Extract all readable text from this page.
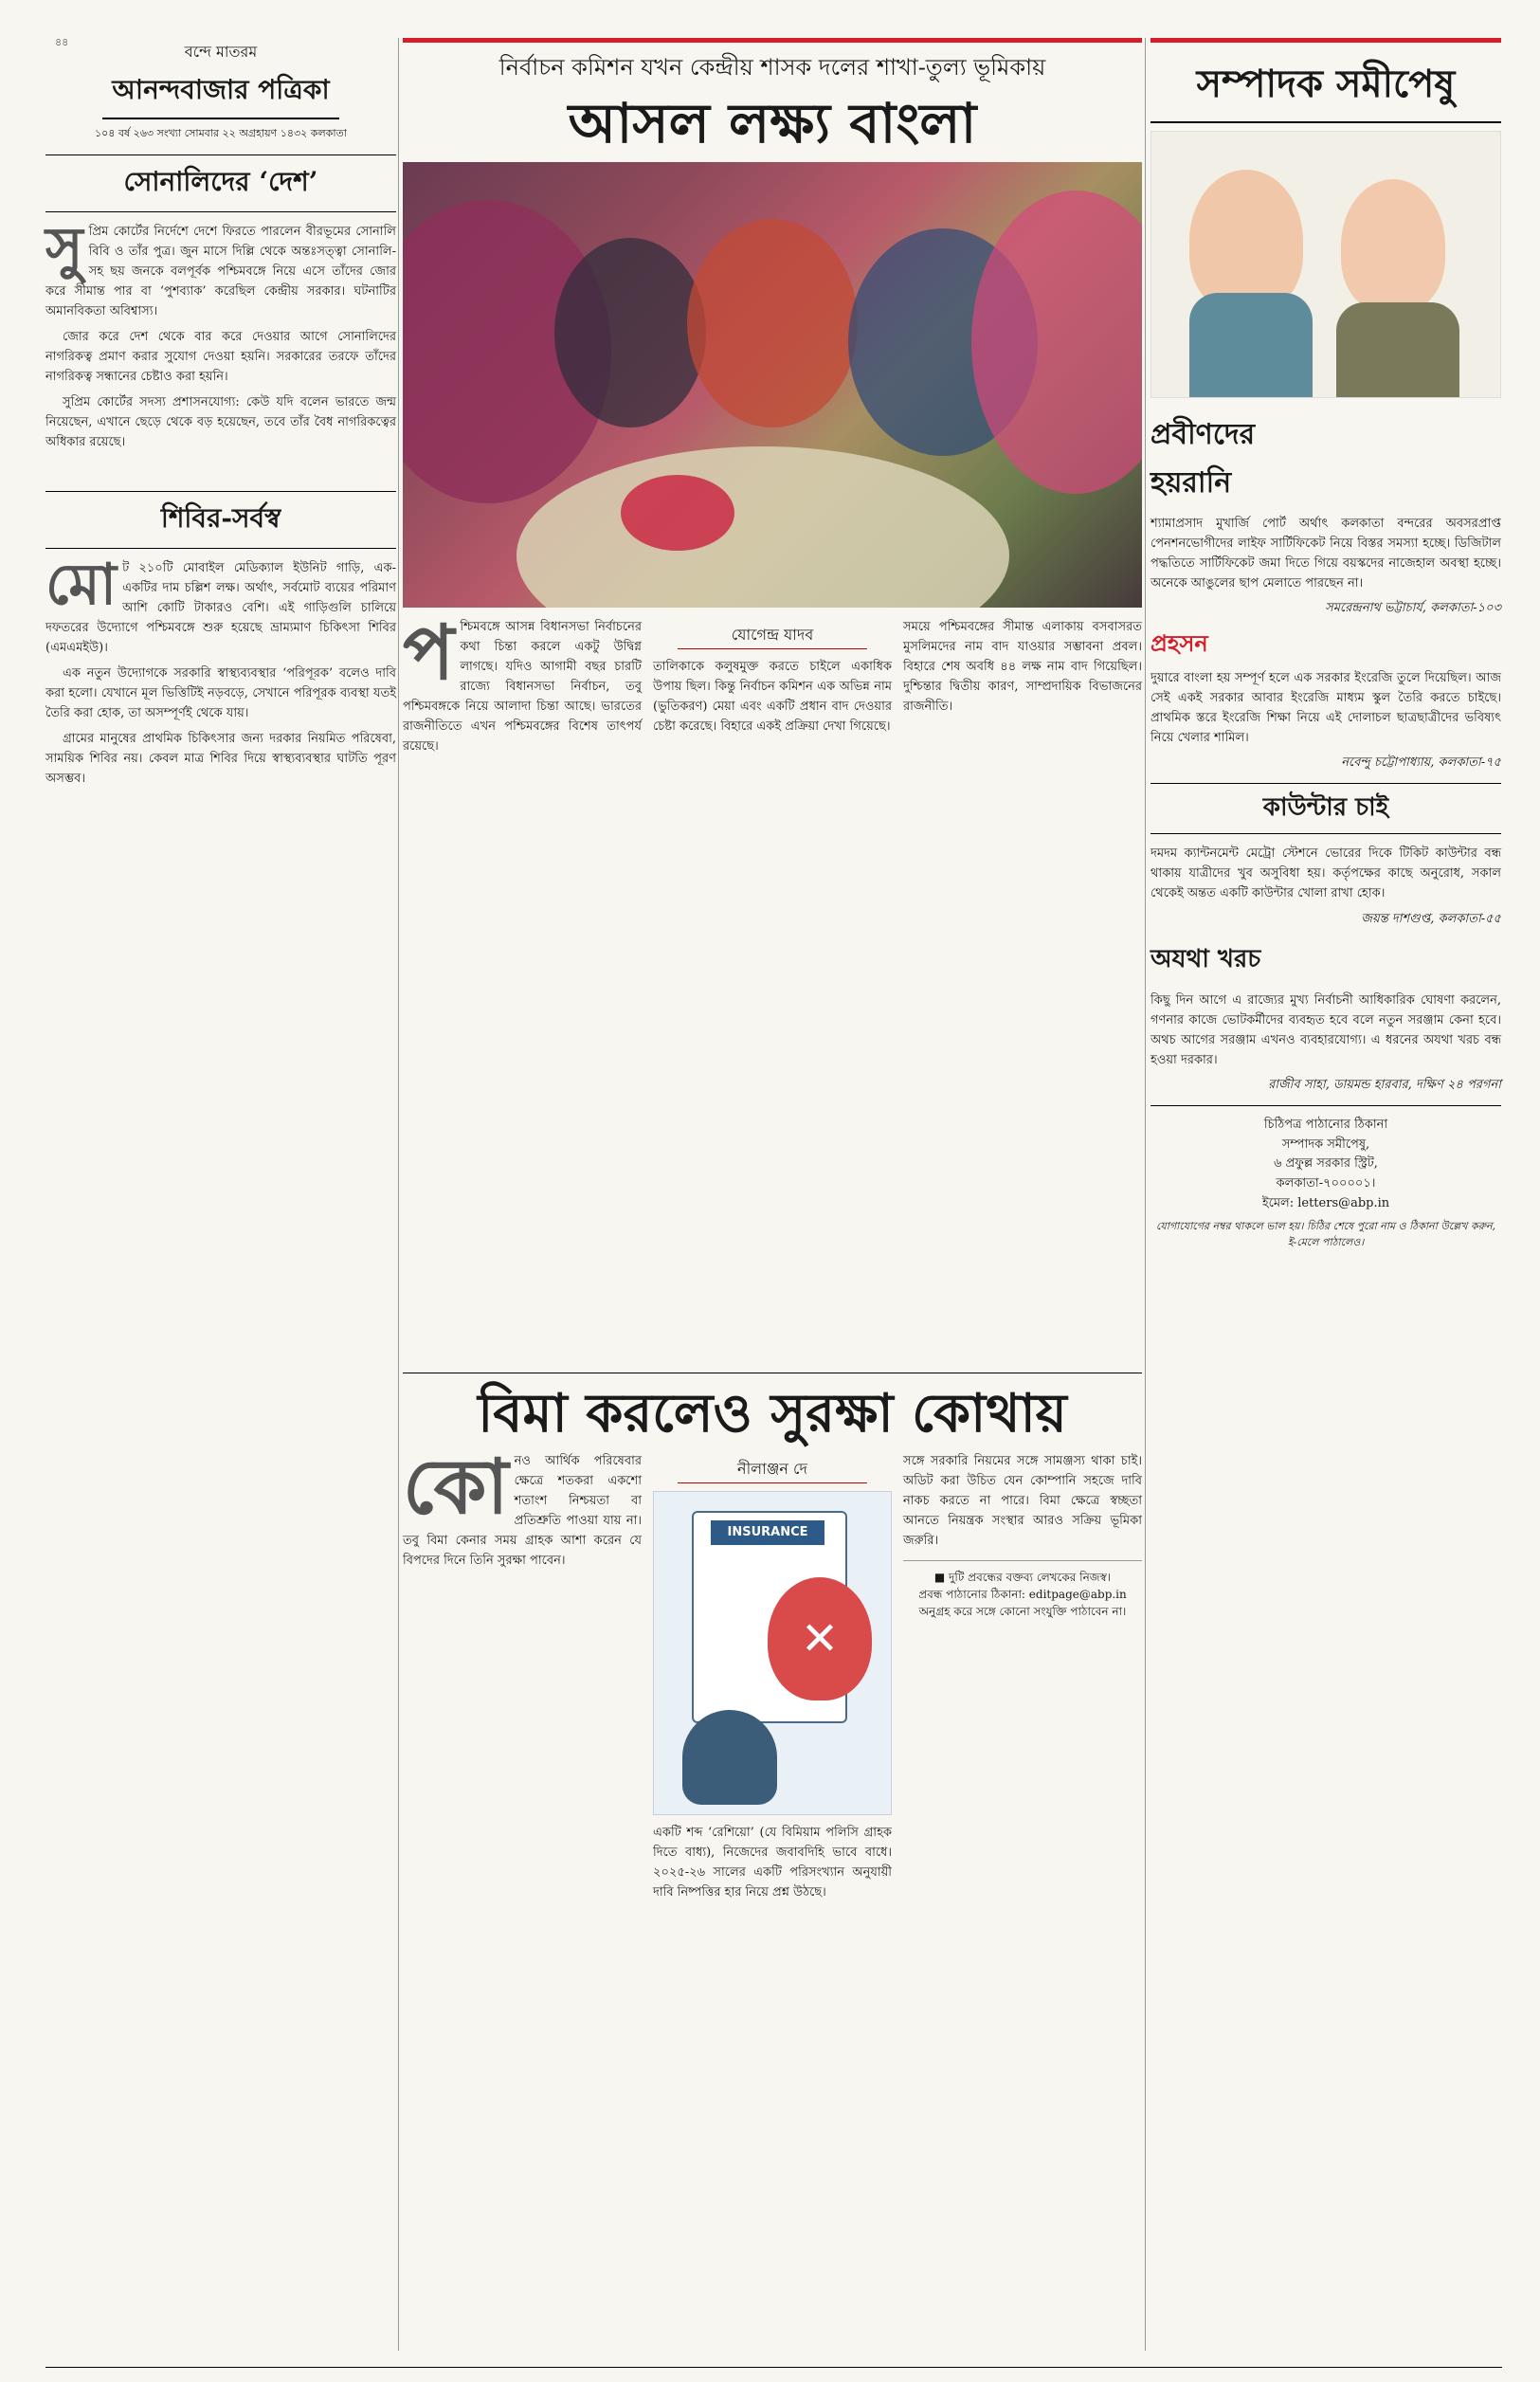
৪৪
বন্দে মাতরম
আনন্দবাজার পত্রিকা
১০৪ বর্ষ ২৬৩ সংখ্যা সোমবার ২২ অগ্রহায়ণ ১৪৩২ কলকাতা
সোনালিদের ‘দেশ’

সুপ্রিম কোর্টের নির্দেশে দেশে ফিরতে পারলেন বীরভূমের সোনালি বিবি ও তাঁর পুত্র। জুন মাসে দিল্লি থেকে অন্তঃসত্ত্বা সোনালি-সহ ছয় জনকে বলপূর্বক পশ্চিমবঙ্গে নিয়ে এসে তাঁদের জোর করে সীমান্ত পার বা ‘পুশব্যাক’ করেছিল কেন্দ্রীয় সরকার। ঘটনাটির অমানবিকতা অবিশ্বাস্য।

জোর করে দেশ থেকে বার করে দেওয়ার আগে সোনালিদের নাগরিকত্ব প্রমাণ করার সুযোগ দেওয়া হয়নি। সরকারের তরফে তাঁদের নাগরিকত্ব সন্ধানের চেষ্টাও করা হয়নি।

সুপ্রিম কোর্টের সদস্য প্রশাসনযোগ্য: কেউ যদি বলেন ভারতে জন্ম নিয়েছেন, এখানে ছেড়ে থেকে বড় হয়েছেন, তবে তাঁর বৈধ নাগরিকত্বের অধিকার রয়েছে।

শিবির-সর্বস্ব

মোট ২১০টি মোবাইল মেডিক্যাল ইউনিট গাড়ি, এক-একটির দাম চল্লিশ লক্ষ। অর্থাৎ, সর্বমোট ব্যয়ের পরিমাণ আশি কোটি টাকারও বেশি। এই গাড়িগুলি চালিয়ে দফতরের উদ্যোগে পশ্চিমবঙ্গে শুরু হয়েছে ভ্রাম্যমাণ চিকিৎসা শিবির (এমএমইউ)।

এক নতুন উদ্যোগকে সরকারি স্বাস্থ্যব্যবস্থার ‘পরিপূরক’ বলেও দাবি করা হলো। যেখানে মূল ভিত্তিটিই নড়বড়ে, সেখানে পরিপূরক ব্যবস্থা যতই তৈরি করা হোক, তা অসম্পূর্ণই থেকে যায়।

গ্রামের মানুষের প্রাথমিক চিকিৎসার জন্য দরকার নিয়মিত পরিষেবা, সাময়িক শিবির নয়। কেবল মাত্র শিবির দিয়ে স্বাস্থ্যব্যবস্থার ঘাটতি পূরণ অসম্ভব।

নির্বাচন কমিশন যখন কেন্দ্রীয় শাসক দলের শাখা-তুল্য ভূমিকায়
আসল লক্ষ্য বাংলা

পশ্চিমবঙ্গে আসন্ন বিধানসভা নির্বাচনের কথা চিন্তা করলে একটু উদ্বিগ্ন লাগছে। যদিও আগামী বছর চারটি রাজ্যে বিধানসভা নির্বাচন, তবু পশ্চিমবঙ্গকে নিয়ে আলাদা চিন্তা আছে। ভারতের রাজনীতিতে এখন পশ্চিমবঙ্গের বিশেষ তাৎপর্য রয়েছে।

যোগেন্দ্র যাদব

তালিকাকে কলুষমুক্ত করতে চাইলে একাধিক উপায় ছিল। কিন্তু নির্বাচন কমিশন এক অভিন্ন নাম (ভুতিকরণ) মেয়া এবং একটি প্রধান বাদ দেওয়ার চেষ্টা করেছে। বিহারে একই প্রক্রিয়া দেখা গিয়েছে।

সময়ে পশ্চিমবঙ্গের সীমান্ত এলাকায় বসবাসরত মুসলিমদের নাম বাদ যাওয়ার সম্ভাবনা প্রবল। বিহারে শেষ অবধি ৪৪ লক্ষ নাম বাদ গিয়েছিল। দুশ্চিন্তার দ্বিতীয় কারণ, সাম্প্রদায়িক বিভাজনের রাজনীতি।

বিমা করলেও সুরক্ষা কোথায়

কোনও আর্থিক পরিষেবার ক্ষেত্রে শতকরা একশো শতাংশ নিশ্চয়তা বা প্রতিশ্রুতি পাওয়া যায় না। তবু বিমা কেনার সময় গ্রাহক আশা করেন যে বিপদের দিনে তিনি সুরক্ষা পাবেন।

নীলাঞ্জন দে
INSURANCE
✕

একটি শব্দ ‘রেশিয়ো’ (যে বিমিয়াম পলিসি গ্রাহক দিতে বাধ্য), নিজেদের জবাবদিহি ভাবে বাধে। ২০২৫-২৬ সালের একটি পরিসংখ্যান অনুযায়ী দাবি নিষ্পত্তির হার নিয়ে প্রশ্ন উঠছে।

সঙ্গে সরকারি নিয়মের সঙ্গে সামঞ্জস্য থাকা চাই। অডিট করা উচিত যেন কোম্পানি সহজে দাবি নাকচ করতে না পারে। বিমা ক্ষেত্রে স্বচ্ছতা আনতে নিয়ন্ত্রক সংস্থার আরও সক্রিয় ভূমিকা জরুরি।

■ দুটি প্রবন্ধের বক্তব্য লেখকের নিজস্ব।
প্রবন্ধ পাঠানোর ঠিকানা: editpage@abp.in
অনুগ্রহ করে সঙ্গে কোনো সংযুক্তি পাঠাবেন না।
সম্পাদক সমীপেষু
প্রবীণদের
হয়রানি

শ্যামাপ্রসাদ মুখার্জি পোর্ট অর্থাৎ কলকাতা বন্দরের অবসরপ্রাপ্ত পেনশনভোগীদের লাইফ সার্টিফিকেট নিয়ে বিস্তর সমস্যা হচ্ছে। ডিজিটাল পদ্ধতিতে সার্টিফিকেট জমা দিতে গিয়ে বয়স্কদের নাজেহাল অবস্থা হচ্ছে। অনেকে আঙুলের ছাপ মেলাতে পারছেন না।

সমরেন্দ্রনাথ ভট্টাচার্য, কলকাতা-১০৩
প্রহসন

দুয়ারে বাংলা হয় সম্পূর্ণ হলে এক সরকার ইংরেজি তুলে দিয়েছিল। আজ সেই একই সরকার আবার ইংরেজি মাধ্যম স্কুল তৈরি করতে চাইছে। প্রাথমিক স্তরে ইংরেজি শিক্ষা নিয়ে এই দোলাচল ছাত্রছাত্রীদের ভবিষ্যৎ নিয়ে খেলার শামিল।

নবেন্দু চট্টোপাধ্যায়, কলকাতা-৭৫
কাউন্টার চাই

দমদম ক্যান্টনমেন্ট মেট্রো স্টেশনে ভোরের দিকে টিকিট কাউন্টার বন্ধ থাকায় যাত্রীদের খুব অসুবিধা হয়। কর্তৃপক্ষের কাছে অনুরোধ, সকাল থেকেই অন্তত একটি কাউন্টার খোলা রাখা হোক।

জয়ন্ত দাশগুপ্ত, কলকাতা-৫৫
অযথা খরচ

কিছু দিন আগে এ রাজ্যের মুখ্য নির্বাচনী আধিকারিক ঘোষণা করলেন, গণনার কাজে ভোটকর্মীদের ব্যবহৃত হবে বলে নতুন সরঞ্জাম কেনা হবে। অথচ আগের সরঞ্জাম এখনও ব্যবহারযোগ্য। এ ধরনের অযথা খরচ বন্ধ হওয়া দরকার।

রাজীব সাহা, ডায়মন্ড হারবার, দক্ষিণ ২৪ পরগনা
চিঠিপত্র পাঠানোর ঠিকানা
সম্পাদক সমীপেষু,
৬ প্রফুল্ল সরকার স্ট্রিট,
কলকাতা-৭০০০০১।
ইমেল: letters@abp.in
যোগাযোগের নম্বর থাকলে ভাল হয়। চিঠির শেষে পুরো নাম ও ঠিকানা উল্লেখ করুন, ই-মেলে পাঠালেও।
